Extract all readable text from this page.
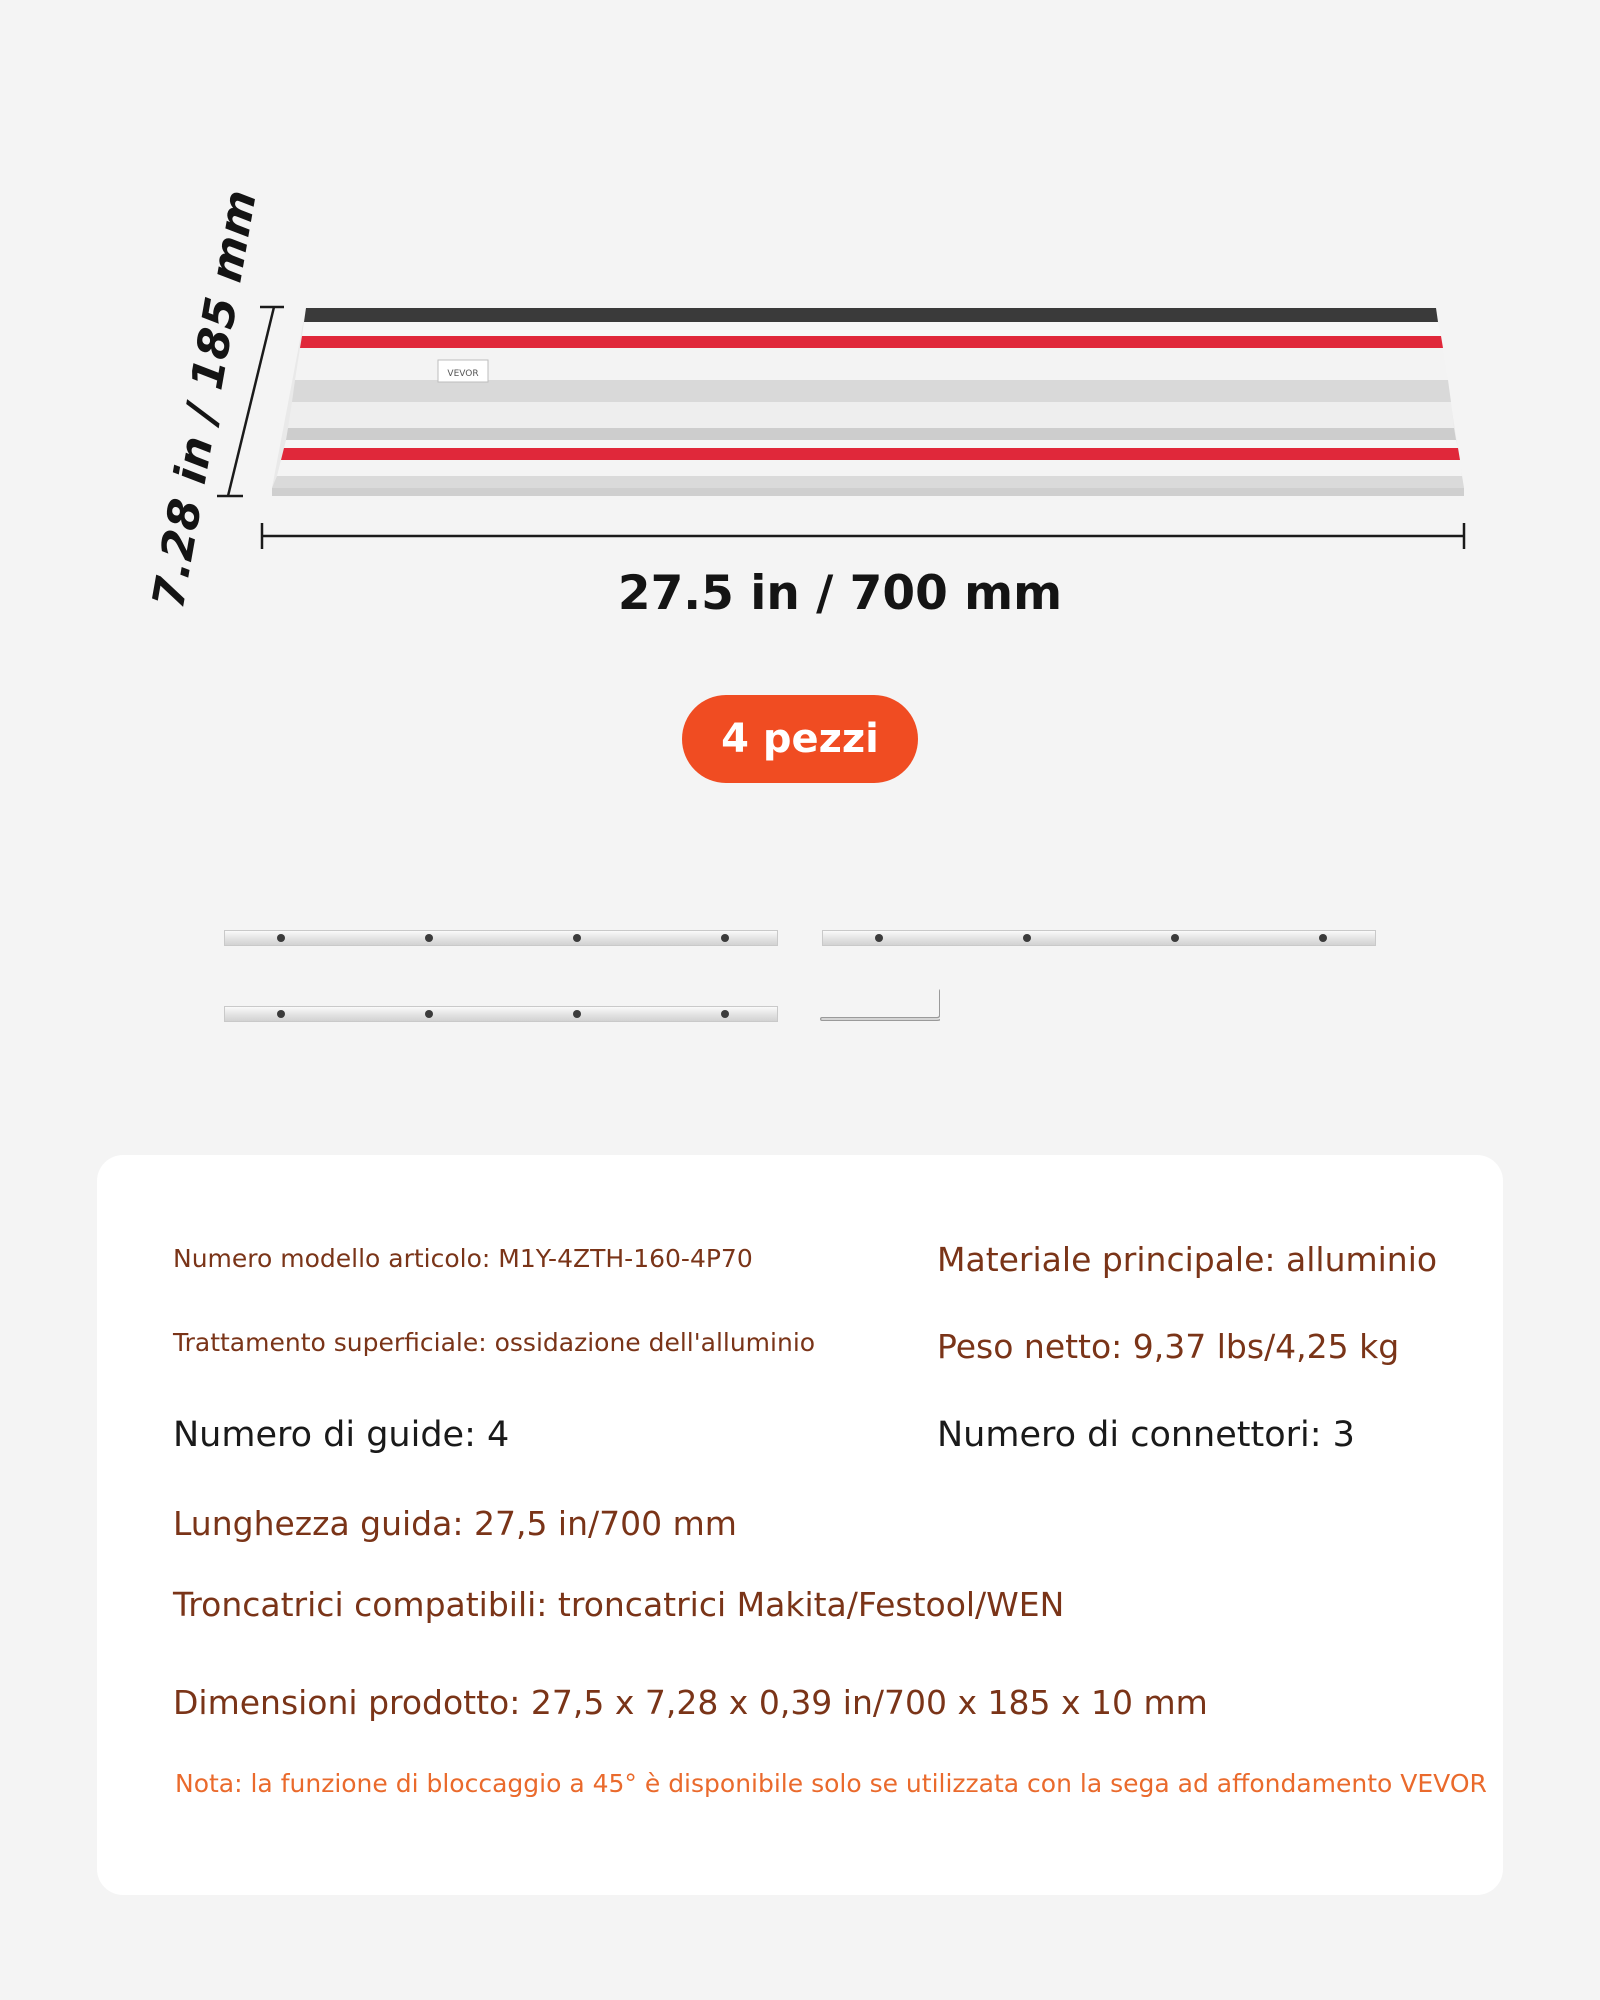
VEVOR
7.28 in / 185 mm	27.5 in / 700 mm
4 pezzi
Numero modello articolo: M1Y-4ZTH-160-4P70	Materiale principale: alluminio
Trattamento superficiale: ossidazione dell'alluminio	Peso netto: 9,37 lbs/4,25 kg
Numero di guide: 4	Numero di connettori: 3
Lunghezza guida: 27,5 in/700 mm
Troncatrici compatibili: troncatrici Makita/Festool/WEN
Dimensioni prodotto: 27,5 x 7,28 x 0,39 in/700 x 185 x 10 mm
Nota: la funzione di bloccaggio a 45° è disponibile solo se utilizzata con la sega ad affondamento VEVOR
